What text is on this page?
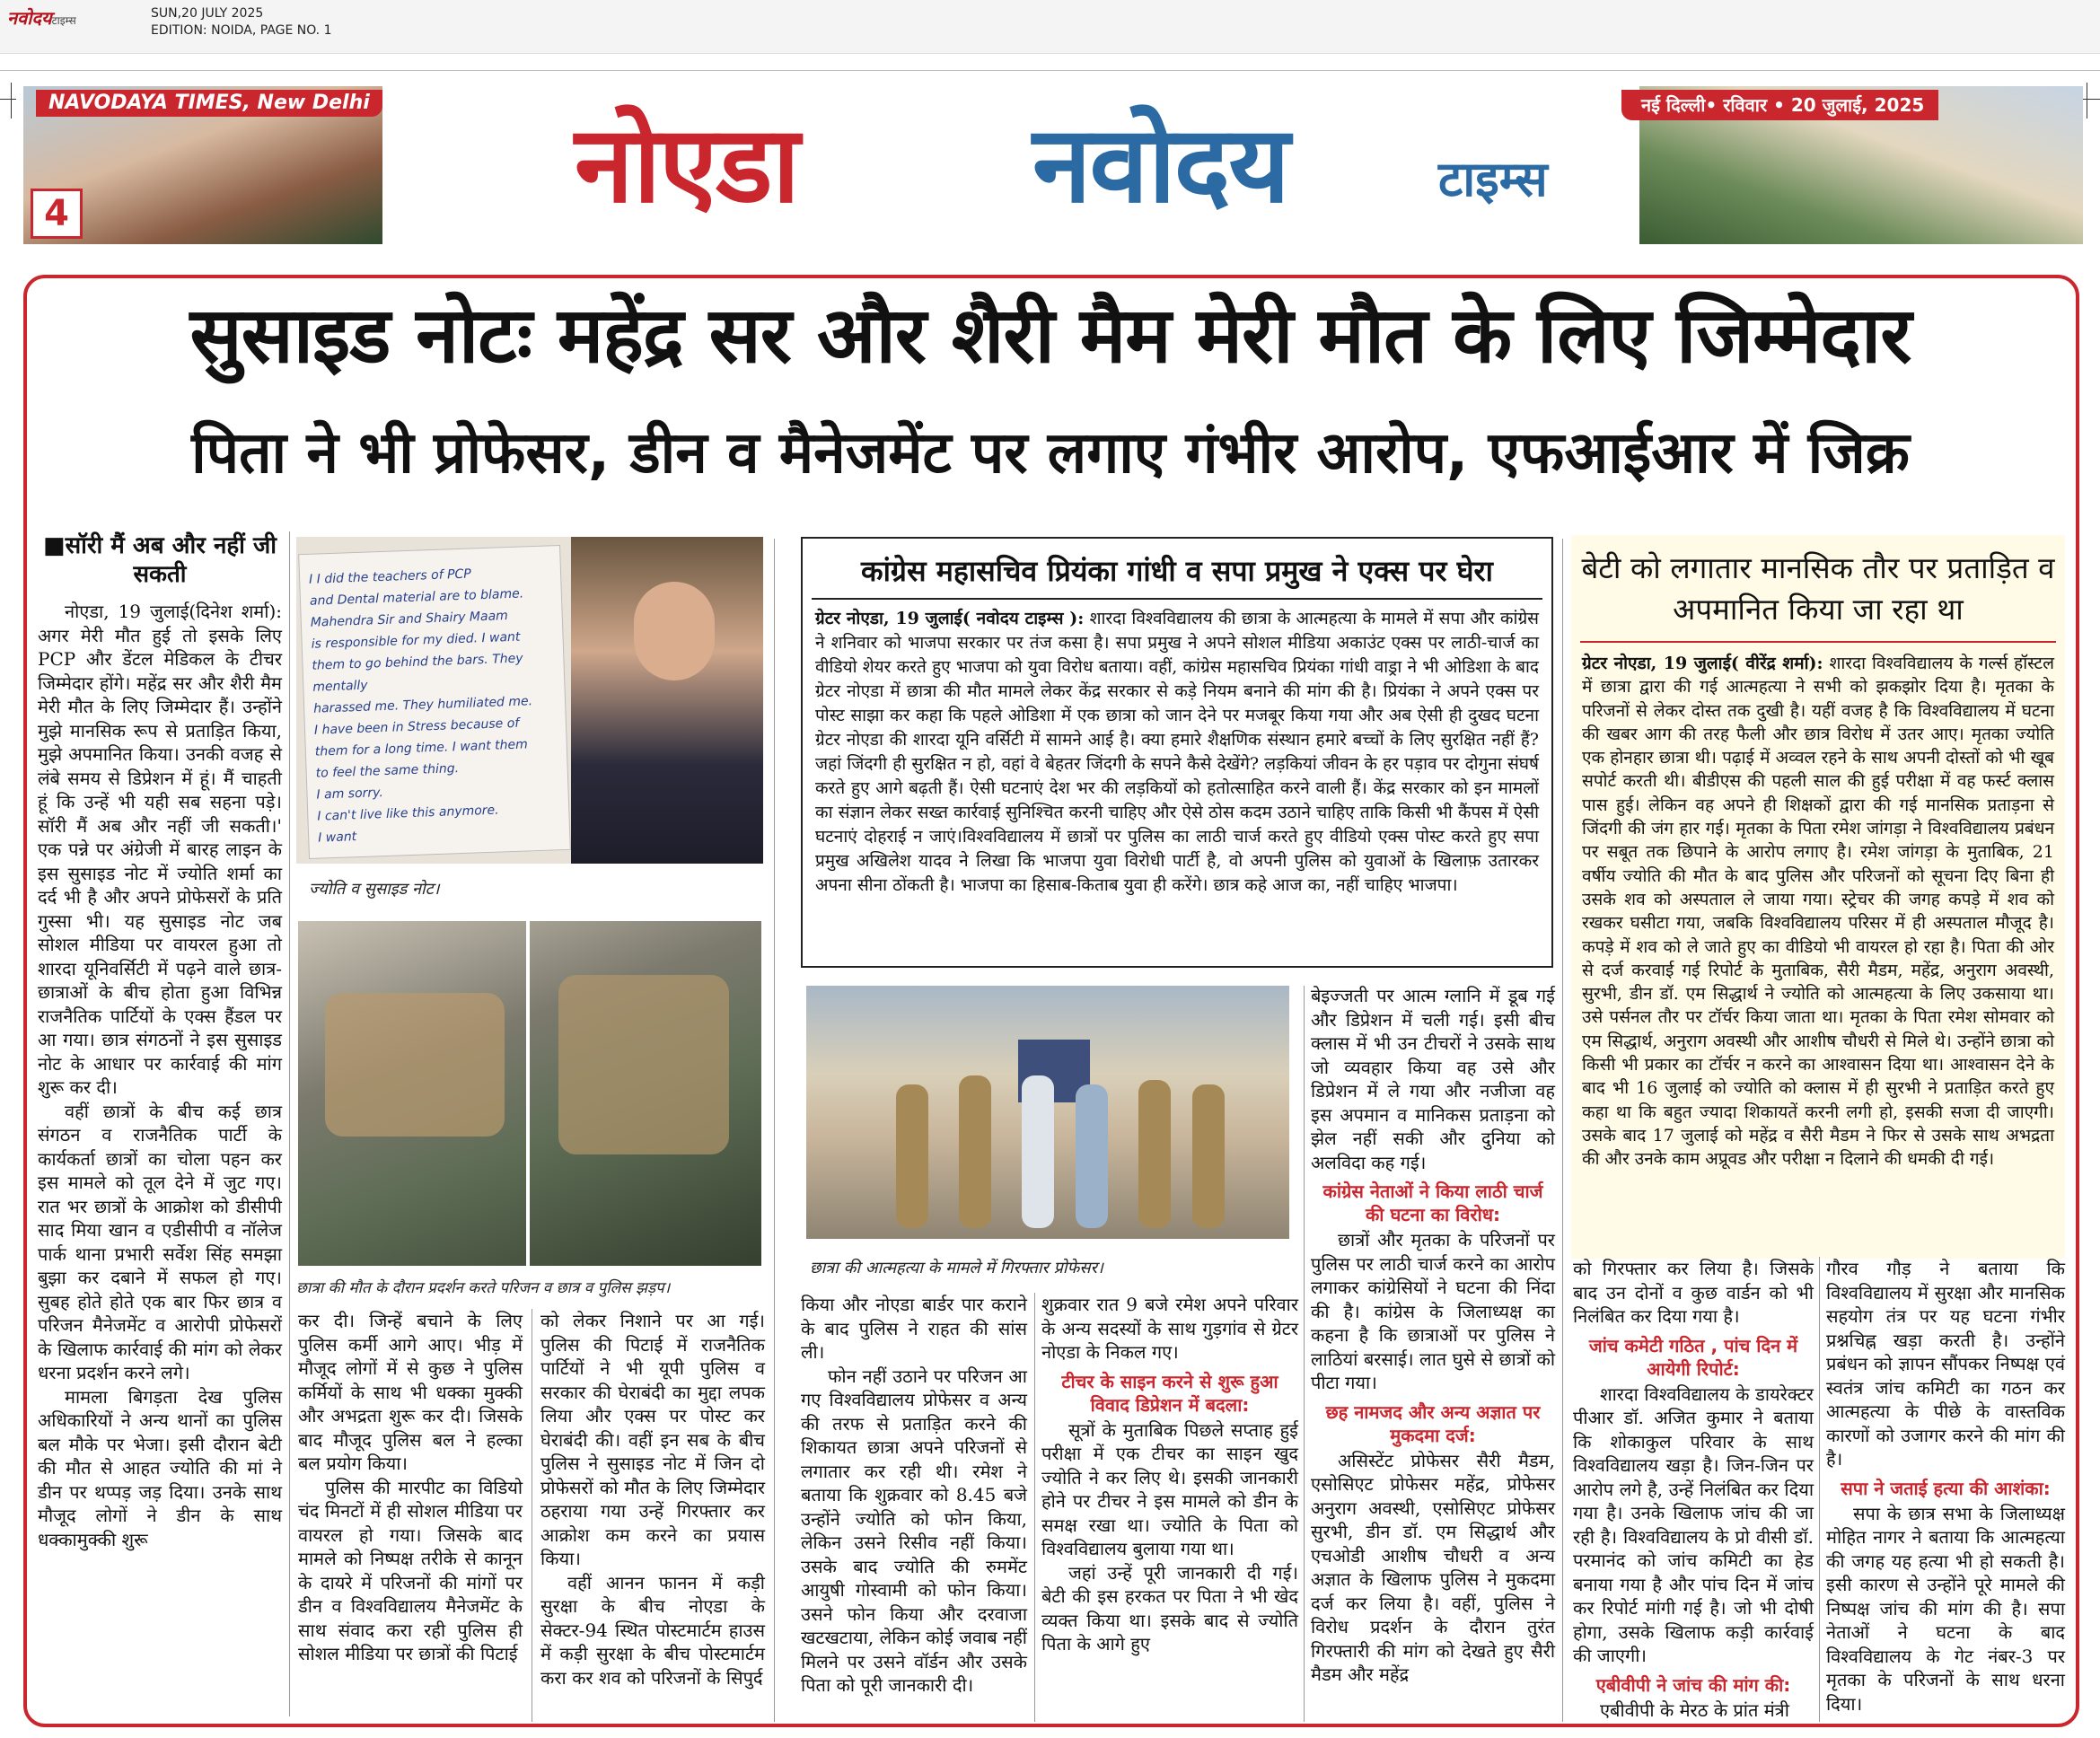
नवोदयटाइम्स	SUN,20 JULY 2025
EDITION: NOIDA, PAGE NO. 1
NAVODAYA TIMES, New Delhi	नई दिल्ली• रविवार • 20 जुलाई, 2025
4	नोएडा नवोदय	टाइम्स
सुसाइड नोटः महेंद्र सर और शैरी मैम मेरी मौत के लिए जिम्मेदार
पिता ने भी प्रोफेसर, डीन व मैनेजमेंट पर लगाए गंभीर आरोप, एफआईआर में जिक्र
■सॉरी मैं अब और नहीं जी सकती

नोएडा, 19 जुलाई(दिनेश शर्मा): अगर मेरी मौत हुई तो इसके लिए PCP और डेंटल मेडिकल के टीचर जिम्मेदार होंगे। महेंद्र सर और शैरी मैम मेरी मौत के लिए जिम्मेदार हैं। उन्होंने मुझे मानसिक रूप से प्रताड़ित किया, मुझे अपमानित किया। उनकी वजह से लंबे समय से डिप्रेशन में हूं। मैं चाहती हूं कि उन्हें भी यही सब सहना पड़े। सॉरी मैं अब और नहीं जी सकती।' एक पन्ने पर अंग्रेजी में बारह लाइन के इस सुसाइड नोट में ज्योति शर्मा का दर्द भी है और अपने प्रोफेसरों के प्रति गुस्सा भी। यह सुसाइड नोट जब सोशल मीडिया पर वायरल हुआ तो शारदा यूनिवर्सिटी में पढ़ने वाले छात्र-छात्राओं के बीच होता हुआ विभिन्न राजनैतिक पार्टियों के एक्स हैंडल पर आ गया। छात्र संगठनों ने इस सुसाइड नोट के आधार पर कार्रवाई की मांग शुरू कर दी।

वहीं छात्रों के बीच कई छात्र संगठन व राजनैतिक पार्टी के कार्यकर्ता छात्रों का चोला पहन कर इस मामले को तूल देने में जुट गए। रात भर छात्रों के आक्रोश को डीसीपी साद मिया खान व एडीसीपी व नॉलेज पार्क थाना प्रभारी सर्वेश सिंह समझा बुझा कर दबाने में सफल हो गए। सुबह होते होते एक बार फिर छात्र व परिजन मैनेजमेंट व आरोपी प्रोफेसरों के खिलाफ कार्रवाई की मांग को लेकर धरना प्रदर्शन करने लगे।

मामला बिगड़ता देख पुलिस अधिकारियों ने अन्य थानों का पुलिस बल मौके पर भेजा। इसी दौरान बेटी की मौत से आहत ज्योति की मां ने डीन पर थप्पड़ जड़ दिया। उनके साथ मौजूद लोगों ने डीन के साथ धक्कामुक्की शुरू

I I did the teachers of PCP
and Dental material are to blame.
Mahendra Sir and Shairy Maam
is responsible for my died. I want
them to go behind the bars. They mentally
harassed me. They humiliated me.
I have been in Stress because of
them for a long time. I want them
to feel the same thing.
I am sorry.
I can't live like this anymore.
I want
ज्योति व सुसाइड नोट।
छात्रा की मौत के दौरान प्रदर्शन करते परिजन व छात्र व पुलिस झड़प।

कर दी। जिन्हें बचाने के लिए पुलिस कर्मी आगे आए। भीड़ में मौजूद लोगों में से कुछ ने पुलिस कर्मियों के साथ भी धक्का मुक्की और अभद्रता शुरू कर दी। जिसके बाद मौजूद पुलिस बल ने हल्का बल प्रयोग किया।

पुलिस की मारपीट का विडियो चंद मिनटों में ही सोशल मीडिया पर वायरल हो गया। जिसके बाद मामले को निष्पक्ष तरीके से कानून के दायरे में परिजनों की मांगों पर डीन व विश्वविद्यालय मैनेजमेंट के साथ संवाद करा रही पुलिस ही सोशल मीडिया पर छात्रों की पिटाई

को लेकर निशाने पर आ गई। पुलिस की पिटाई में राजनैतिक पार्टियों ने भी यूपी पुलिस व सरकार की घेराबंदी का मुद्दा लपक लिया और एक्स पर पोस्ट कर घेराबंदी की। वहीं इन सब के बीच पुलिस ने सुसाइड नोट में जिन दो प्रोफेसरों को मौत के लिए जिम्मेदार ठहराया गया उन्हें गिरफ्तार कर आक्रोश कम करने का प्रयास किया।

वहीं आनन फानन में कड़ी सुरक्षा के बीच नोएडा के सेक्टर-94 स्थित पोस्टमार्टम हाउस में कड़ी सुरक्षा के बीच पोस्टमार्टम करा कर शव को परिजनों के सिपुर्द

कांग्रेस महासचिव प्रियंका गांधी व सपा प्रमुख ने एक्स पर घेरा
ग्रेटर नोएडा, 19 जुलाई( नवोदय टाइम्स ): शारदा विश्वविद्यालय की छात्रा के आत्महत्या के मामले में सपा और कांग्रेस ने शनिवार को भाजपा सरकार पर तंज कसा है। सपा प्रमुख ने अपने सोशल मीडिया अकाउंट एक्स पर लाठी-चार्ज का वीडियो शेयर करते हुए भाजपा को युवा विरोध बताया। वहीं, कांग्रेस महासचिव प्रियंका गांधी वाड्रा ने भी ओडिशा के बाद ग्रेटर नोएडा में छात्रा की मौत मामले लेकर केंद्र सरकार से कड़े नियम बनाने की मांग की है। प्रियंका ने अपने एक्स पर पोस्ट साझा कर कहा कि पहले ओडिशा में एक छात्रा को जान देने पर मजबूर किया गया और अब ऐसी ही दुखद घटना ग्रेटर नोएडा की शारदा यूनि वर्सिटी में सामने आई है। क्या हमारे शैक्षणिक संस्थान हमारे बच्चों के लिए सुरक्षित नहीं हैं? जहां जिंदगी ही सुरक्षित न हो, वहां वे बेहतर जिंदगी के सपने कैसे देखेंगे? लड़कियां जीवन के हर पड़ाव पर दोगुना संघर्ष करते हुए आगे बढ़ती हैं। ऐसी घटनाएं देश भर की लड़कियों को हतोत्साहित करने वाली हैं। केंद्र सरकार को इन मामलों का संज्ञान लेकर सख्त कार्रवाई सुनिश्चित करनी चाहिए और ऐसे ठोस कदम उठाने चाहिए ताकि किसी भी कैंपस में ऐसी घटनाएं दोहराई न जाएं।विश्वविद्यालय में छात्रों पर पुलिस का लाठी चार्ज करते हुए वीडियो एक्स पोस्ट करते हुए सपा प्रमुख अखिलेश यादव ने लिखा कि भाजपा युवा विरोधी पार्टी है, वो अपनी पुलिस को युवाओं के खिलाफ़ उतारकर अपना सीना ठोंकती है। भाजपा का हिसाब-किताब युवा ही करेंगे। छात्र कहे आज का, नहीं चाहिए भाजपा।
छात्रा की आत्महत्या के मामले में गिरफ्तार प्रोफेसर।

किया और नोएडा बार्डर पार कराने के बाद पुलिस ने राहत की सांस ली।

फोन नहीं उठाने पर परिजन आ गए विश्वविद्यालय प्रोफेसर व अन्य की तरफ से प्रताड़ित करने की शिकायत छात्रा अपने परिजनों से लगातार कर रही थी। रमेश ने बताया कि शुक्रवार को 8.45 बजे उन्होंने ज्योति को फोन किया, लेकिन उसने रिसीव नहीं किया। उसके बाद ज्योति की रुममेंट आयुषी गोस्वामी को फोन किया। उसने फोन किया और दरवाजा खटखटाया, लेकिन कोई जवाब नहीं मिलने पर उसने वॉर्डन और उसके पिता को पूरी जानकारी दी।

शुक्रवार रात 9 बजे रमेश अपने परिवार के अन्य सदस्यों के साथ गुड़गांव से ग्रेटर नोएडा के निकल गए।

टीचर के साइन करने से शुरू हुआ विवाद डिप्रेशन में बदला:

सूत्रों के मुताबिक पिछले सप्ताह हुई परीक्षा में एक टीचर का साइन खुद ज्योति ने कर लिए थे। इसकी जानकारी होने पर टीचर ने इस मामले को डीन के समक्ष रखा था। ज्योति के पिता को विश्वविद्यालय बुलाया गया था।

जहां उन्हें पूरी जानकारी दी गई। बेटी की इस हरकत पर पिता ने भी खेद व्यक्त किया था। इसके बाद से ज्योति पिता के आगे हुए

बेइज्जती पर आत्म ग्लानि में डूब गई और डिप्रेशन में चली गई। इसी बीच क्लास में भी उन टीचरों ने उसके साथ जो व्यवहार किया वह उसे और डिप्रेशन में ले गया और नजीजा वह इस अपमान व मानिकस प्रताड़ना को झेल नहीं सकी और दुनिया को अलविदा कह गई।

कांग्रेस नेताओं ने किया लाठी चार्ज की घटना का विरोध:

छात्रों और मृतका के परिजनों पर पुलिस पर लाठी चार्ज करने का आरोप लगाकर कांग्रेसियों ने घटना की निंदा की है। कांग्रेस के जिलाध्यक्ष का कहना है कि छात्राओं पर पुलिस ने लाठियां बरसाई। लात घुसे से छात्रों को पीटा गया।

छह नामजद और अन्य अज्ञात पर मुकदमा दर्ज:

असिस्टेंट प्रोफेसर सैरी मैडम, एसोसिएट प्रोफेसर महेंद्र, प्रोफेसर अनुराग अवस्थी, एसोसिएट प्रोफेसर सुरभी, डीन डॉ. एम सिद्धार्थ और एचओडी आशीष चौधरी व अन्य अज्ञात के खिलाफ पुलिस ने मुकदमा दर्ज कर लिया है। वहीं, पुलिस ने विरोध प्रदर्शन के दौरान तुरंत गिरफ्तारी की मांग को देखते हुए सैरी मैडम और महेंद्र

बेटी को लगातार मानसिक तौर पर प्रताड़ित व अपमानित किया जा रहा था
ग्रेटर नोएडा, 19 जुलाई( वीरेंद्र शर्मा): शारदा विश्वविद्यालय के गर्ल्स हॉस्टल में छात्रा द्वारा की गई आत्महत्या ने सभी को झकझोर दिया है। मृतका के परिजनों से लेकर दोस्त तक दुखी है। यहीं वजह है कि विश्वविद्यालय में घटना की खबर आग की तरह फैली और छात्र विरोध में उतर आए। मृतका ज्योति एक होनहार छात्रा थी। पढ़ाई में अव्वल रहने के साथ अपनी दोस्तों को भी खूब सपोर्ट करती थी। बीडीएस की पहली साल की हुई परीक्षा में वह फर्स्ट क्लास पास हुई। लेकिन वह अपने ही शिक्षकों द्वारा की गई मानसिक प्रताड़ना से जिंदगी की जंग हार गई। मृतका के पिता रमेश जांगड़ा ने विश्वविद्यालय प्रबंधन पर सबूत तक छिपाने के आरोप लगाए है। रमेश जांगड़ा के मुताबिक, 21 वर्षीय ज्योति की मौत के बाद पुलिस और परिजनों को सूचना दिए बिना ही उसके शव को अस्पताल ले जाया गया। स्ट्रेचर की जगह कपड़े में शव को रखकर घसीटा गया, जबकि विश्वविद्यालय परिसर में ही अस्पताल मौजूद है। कपड़े में शव को ले जाते हुए का वीडियो भी वायरल हो रहा है। पिता की ओर से दर्ज करवाई गई रिपोर्ट के मुताबिक, सैरी मैडम, महेंद्र, अनुराग अवस्थी, सुरभी, डीन डॉ. एम सिद्धार्थ ने ज्योति को आत्महत्या के लिए उकसाया था। उसे पर्सनल तौर पर टॉर्चर किया जाता था। मृतका के पिता रमेश सोमवार को एम सिद्धार्थ, अनुराग अवस्थी और आशीष चौधरी से मिले थे। उन्होंने छात्रा को किसी भी प्रकार का टॉर्चर न करने का आश्वासन दिया था। आश्वासन देने के बाद भी 16 जुलाई को ज्योति को क्लास में ही सुरभी ने प्रताड़ित करते हुए कहा था कि बहुत ज्यादा शिकायतें करनी लगी हो, इसकी सजा दी जाएगी। उसके बाद 17 जुलाई को महेंद्र व सैरी मैडम ने फिर से उसके साथ अभद्रता की और उनके काम अप्रूवड और परीक्षा न दिलाने की धमकी दी गई।

को गिरफ्तार कर लिया है। जिसके बाद उन दोनों व कुछ वार्डन को भी निलंबित कर दिया गया है।

जांच कमेटी गठित , पांच दिन में आयेगी रिपोर्ट:

शारदा विश्वविद्यालय के डायरेक्टर पीआर डॉ. अजित कुमार ने बताया कि शोकाकुल परिवार के साथ विश्वविद्यालय खड़ा है। जिन-जिन पर आरोप लगे है, उन्हें निलंबित कर दिया गया है। उनके खिलाफ जांच की जा रही है। विश्वविद्यालय के प्रो वीसी डॉ. परमानंद को जांच कमिटी का हेड बनाया गया है और पांच दिन में जांच कर रिपोर्ट मांगी गई है। जो भी दोषी होगा, उसके खिलाफ कड़ी कार्रवाई की जाएगी।

एबीवीपी ने जांच की मांग की:

एबीवीपी के मेरठ के प्रांत मंत्री

गौरव गौड़ ने बताया कि विश्वविद्यालय में सुरक्षा और मानसिक सहयोग तंत्र पर यह घटना गंभीर प्रश्नचिह्न खड़ा करती है। उन्होंने प्रबंधन को ज्ञापन सौंपकर निष्पक्ष एवं स्वतंत्र जांच कमिटी का गठन कर आत्महत्या के पीछे के वास्तविक कारणों को उजागर करने की मांग की है।

सपा ने जताई हत्या की आशंका:

सपा के छात्र सभा के जिलाध्यक्ष मोहित नागर ने बताया कि आत्महत्या की जगह यह हत्या भी हो सकती है। इसी कारण से उन्होंने पूरे मामले की निष्पक्ष जांच की मांग की है। सपा नेताओं ने घटना के बाद विश्वविद्यालय के गेट नंबर-3 पर मृतका के परिजनों के साथ धरना दिया।
